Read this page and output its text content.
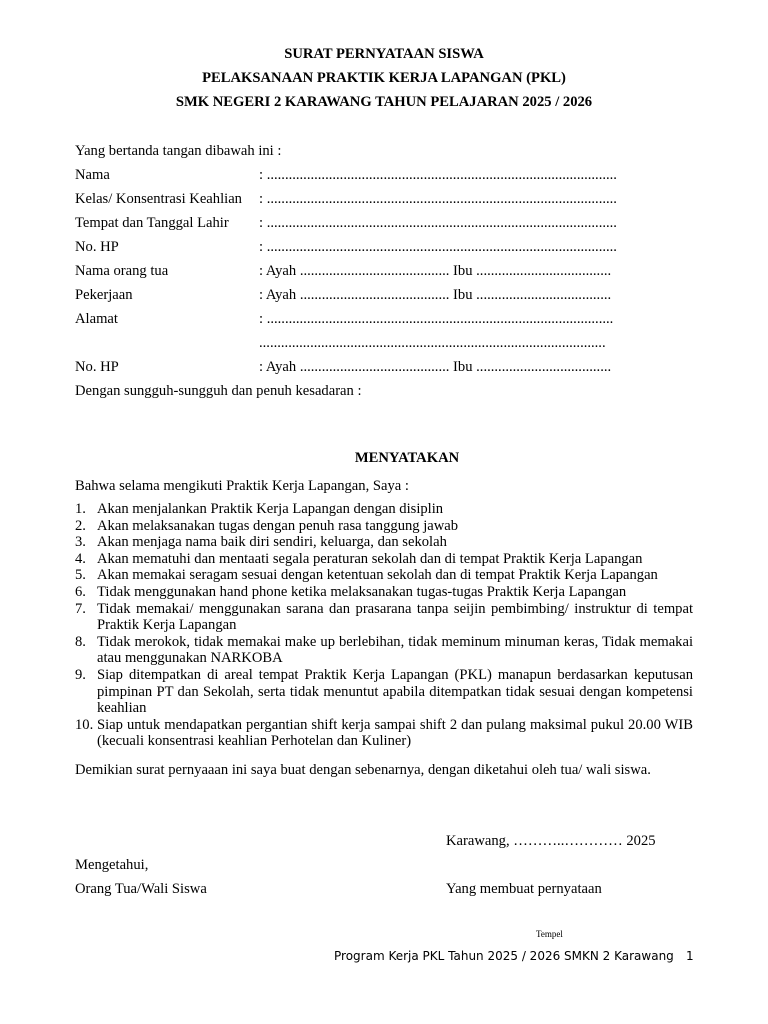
SURAT PERNYATAAN SISWA
PELAKSANAAN PRAKTIK KERJA LAPANGAN (PKL)
SMK NEGERI 2 KARAWANG TAHUN PELAJARAN 2025 / 2026
Yang bertanda tangan dibawah ini :
Nama	: ................................................................................................
Kelas/ Konsentrasi Keahlian	: ................................................................................................
Tempat dan Tanggal Lahir	: ................................................................................................
No. HP	: ................................................................................................
Nama orang tua	: Ayah ......................................... Ibu .....................................
Pekerjaan	: Ayah ......................................... Ibu .....................................
Alamat	: ...............................................................................................
...............................................................................................
No. HP	: Ayah ......................................... Ibu .....................................
Dengan sungguh-sungguh dan penuh kesadaran :
MENYATAKAN
Bahwa selama mengikuti Praktik Kerja Lapangan, Saya :
1. Akan menjalankan Praktik Kerja Lapangan dengan disiplin
2. Akan melaksanakan tugas dengan penuh rasa tanggung jawab
3. Akan menjaga nama baik diri sendiri, keluarga, dan sekolah
4. Akan mematuhi dan mentaati segala peraturan sekolah dan di tempat Praktik Kerja Lapangan
5. Akan memakai seragam sesuai dengan ketentuan sekolah dan di tempat Praktik Kerja Lapangan
6. Tidak menggunakan hand phone ketika melaksanakan tugas-tugas Praktik Kerja Lapangan
7. Tidak memakai/ menggunakan sarana dan prasarana tanpa seijin pembimbing/ instruktur di tempat Praktik Kerja Lapangan
8. Tidak merokok, tidak memakai make up berlebihan, tidak meminum minuman keras, Tidak memakai atau menggunakan NARKOBA
9. Siap ditempatkan di areal tempat Praktik Kerja Lapangan (PKL) manapun berdasarkan keputusan pimpinan PT dan Sekolah, serta tidak menuntut apabila ditempatkan tidak sesuai dengan kompetensi keahlian
10. Siap untuk mendapatkan pergantian shift kerja sampai shift 2 dan pulang maksimal pukul 20.00 WIB (kecuali konsentrasi keahlian Perhotelan dan Kuliner)
Demikian surat pernyaaan ini saya buat dengan sebenarnya, dengan diketahui oleh tua/ wali siswa.
Karawang, ………..………… 2025
Mengetahui,
Orang Tua/Wali Siswa	Yang membuat pernyataan
Tempel
Program Kerja PKL Tahun 2025 / 2026 SMKN 2 Karawang 1
